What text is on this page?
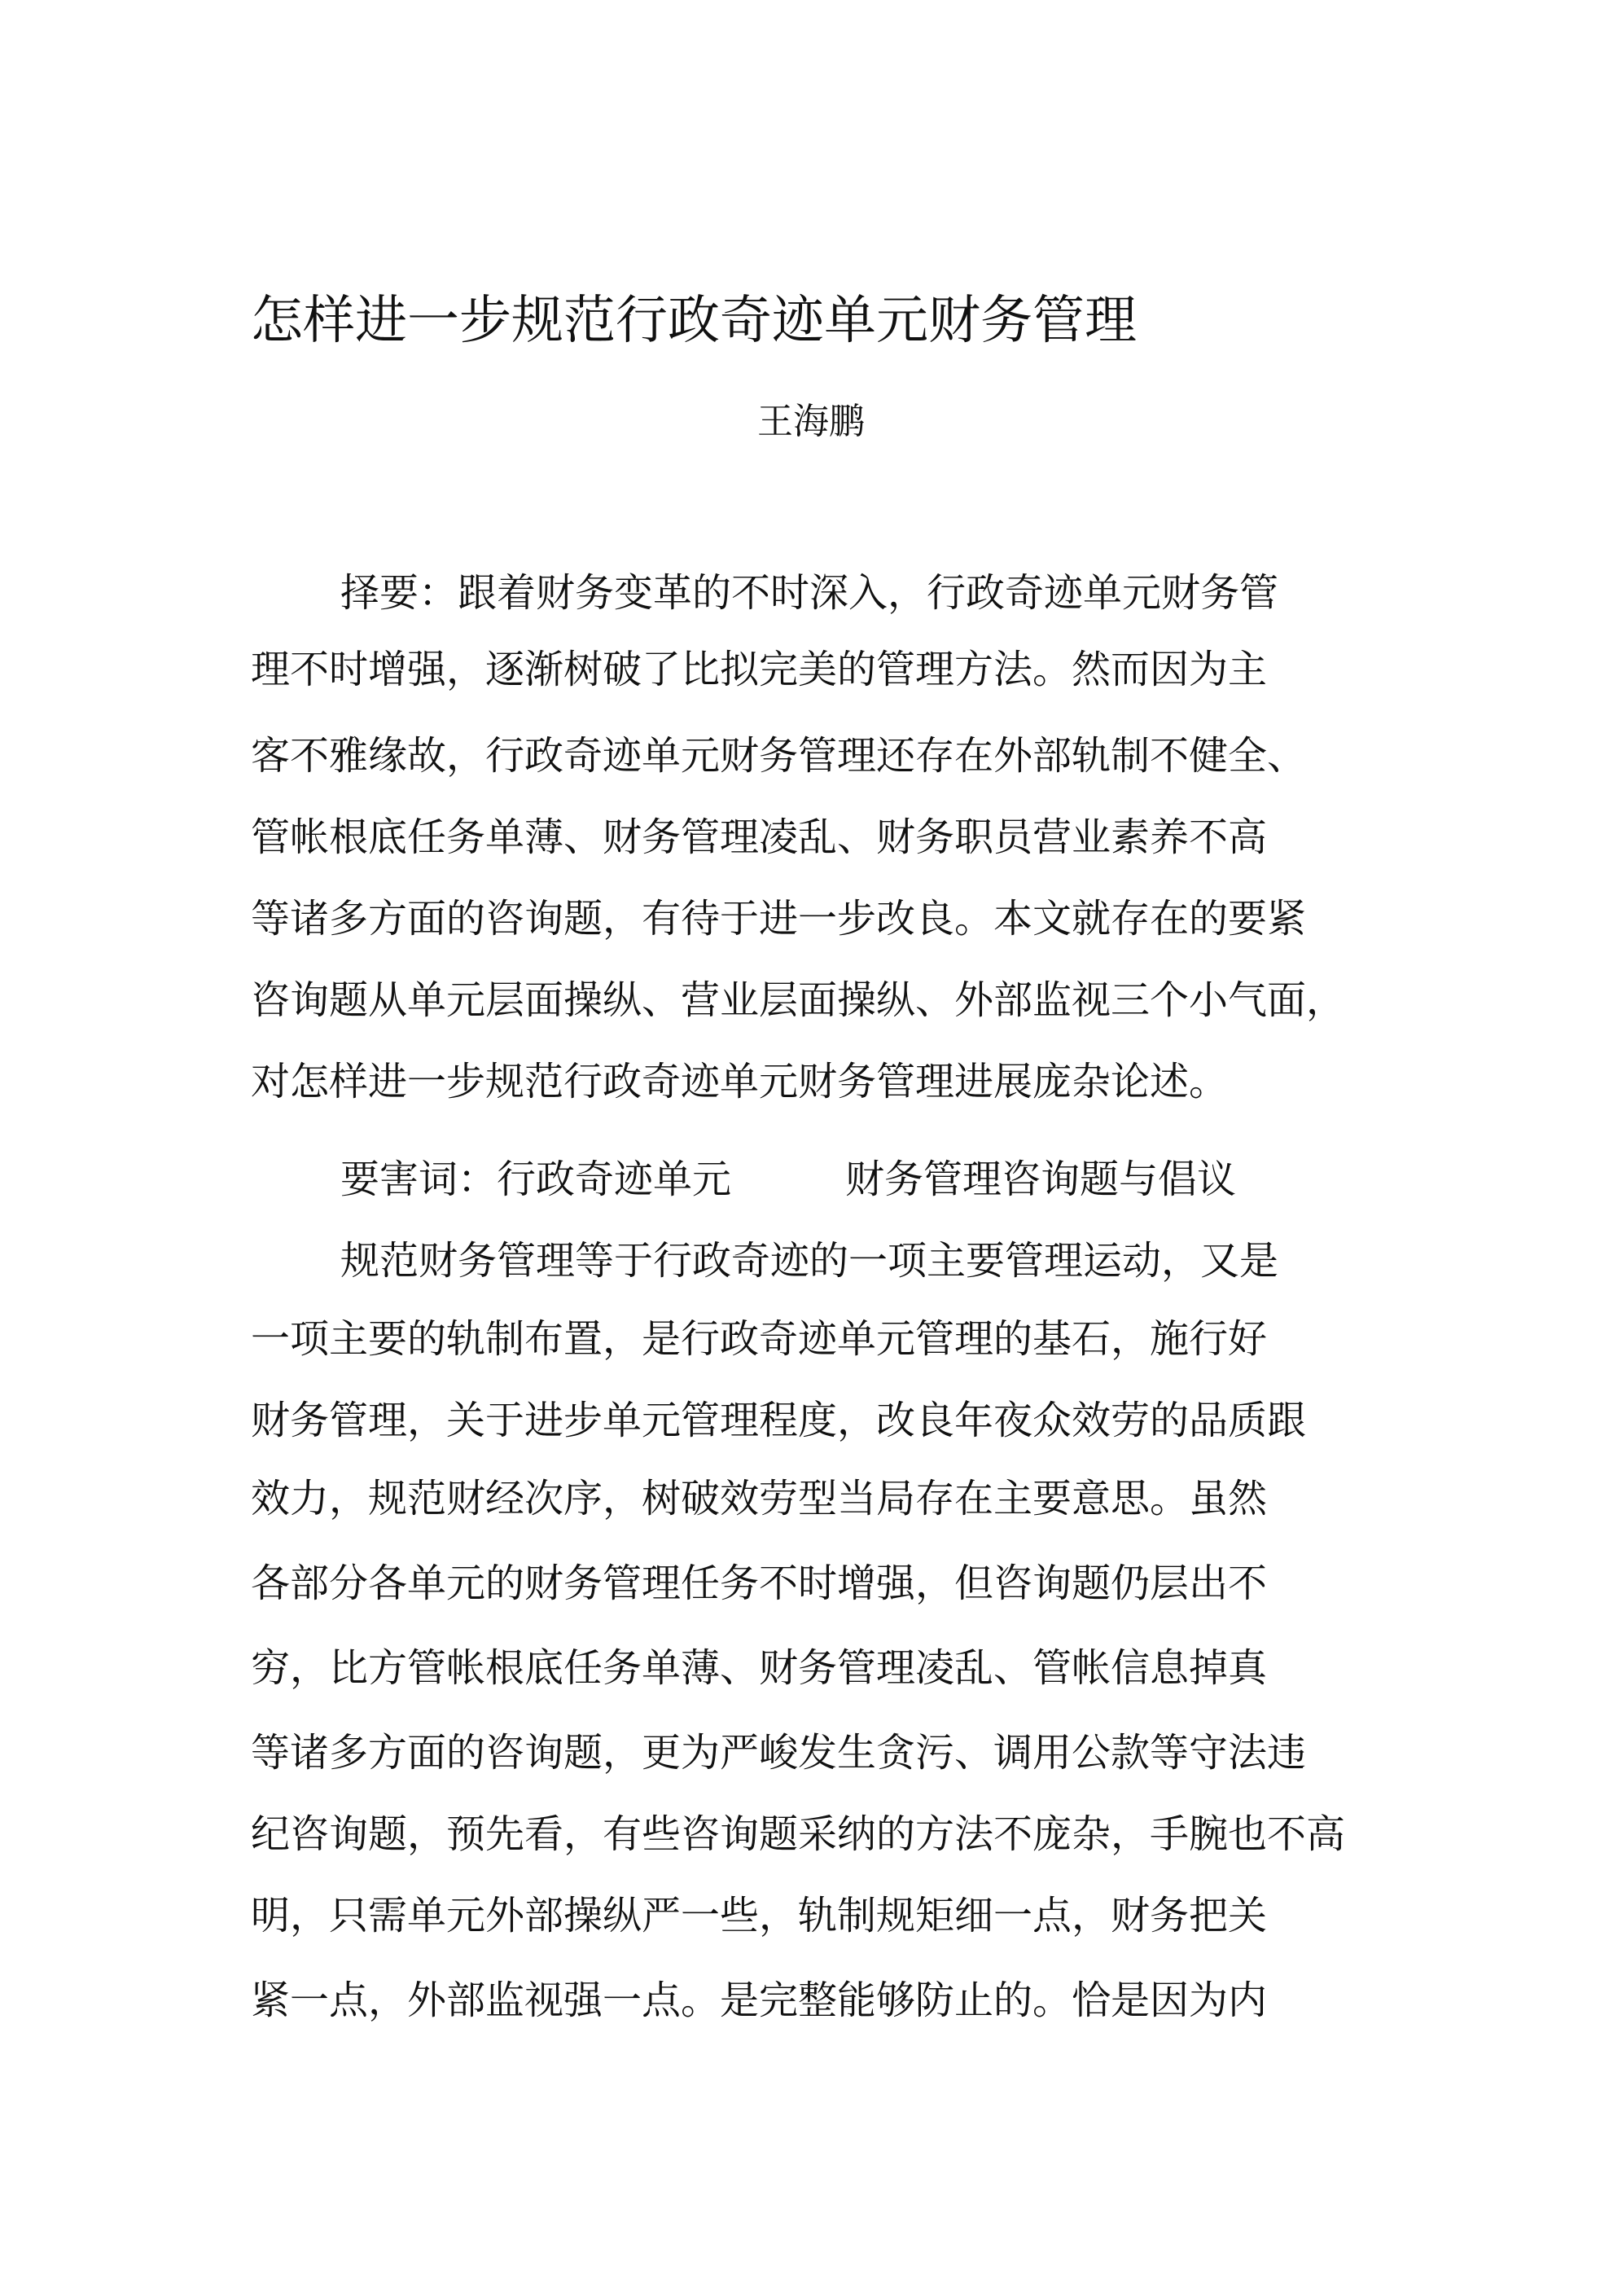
怎样进一步规范行政奇迹单元财务管理
王海鹏
择要：跟着财务变革的不时深入，行政奇迹单元财务管
理不时增强，逐渐树破了比拟完美的管理方法。然而因为主
客不雅缘故，行政奇迹单元财务管理还存在外部轨制不健全、
管帐根底任务单薄、财务管理凌乱、财务职员营业素养不高
等诸多方面的咨询题，有待于进一步改良。本文就存在的要紧
咨询题从单元层面操纵、营业层面操纵、外部监视三个小气面，
对怎样进一步规范行政奇迹单元财务管理进展庞杂论述。
要害词：行政奇迹单元	财务管理咨询题与倡议
规范财务管理等于行政奇迹的一项主要管理运动，又是
一项主要的轨制布置，是行政奇迹单元管理的基石，施行好
财务管理，关于进步单元管理程度，改良年夜众效劳的品质跟
效力，规范财经次序，树破效劳型当局存在主要意思。虽然
各部分各单元的财务管理任务不时增强，但咨询题仍层出不
穷，比方管帐根底任务单薄、财务管理凌乱、管帐信息掉真
等诸多方面的咨询题，更为严峻发生贪污、调用公款等守法违
纪咨询题，预先看，有些咨询题采纳的方法不庞杂，手腕也不高
明，只需单元外部操纵严一些，轨制规矩细一点，财务把关
紧一点，外部监视强一点。是完整能够防止的。恰是因为内
